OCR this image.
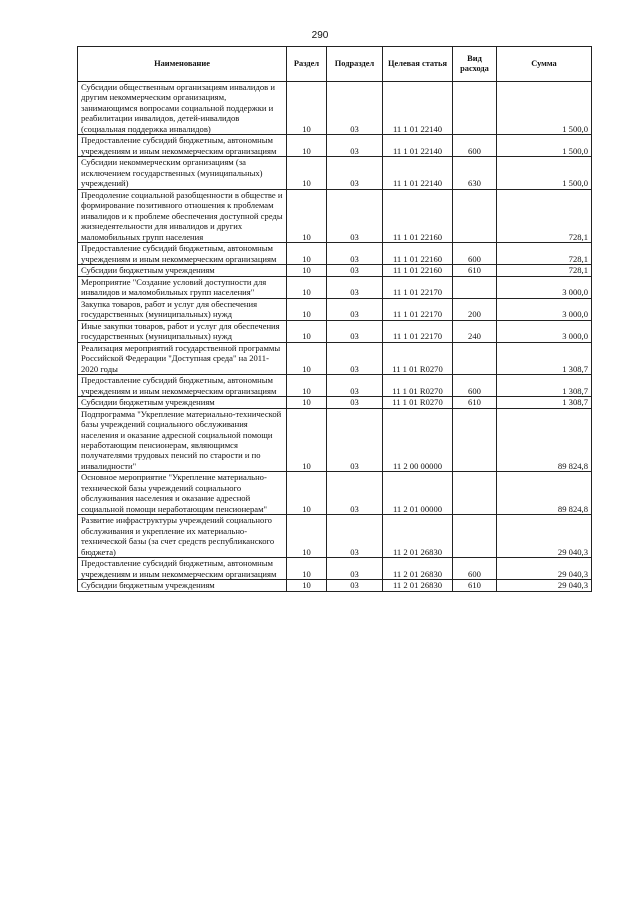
290
Наименование	Раздел	Подраздел	Целевая статья	Вид расхода	Сумма
Субсидии общественным организациям инвалидов и другим некоммерческим организациям, занимающимся вопросами социальной поддержки и реабилитации инвалидов, детей-инвалидов (социальная поддержка инвалидов)	10	03	11 1 01 22140		1 500,0
Предоставление субсидий бюджетным, автономным учреждениям и иным некоммерческим организациям	10	03	11 1 01 22140	600	1 500,0
Субсидии некоммерческим организациям (за исключением государственных (муниципальных) учреждений)	10	03	11 1 01 22140	630	1 500,0
Преодоление социальной разобщенности в обществе и формирование позитивного отношения к проблемам инвалидов и к проблеме обеспечения доступной среды жизнедеятельности для инвалидов и других маломобильных групп населения	10	03	11 1 01 22160		728,1
Предоставление субсидий бюджетным, автономным учреждениям и иным некоммерческим организациям	10	03	11 1 01 22160	600	728,1
Субсидии бюджетным учреждениям	10	03	11 1 01 22160	610	728,1
Мероприятие "Создание условий доступности для инвалидов и маломобильных групп населения"	10	03	11 1 01 22170		3 000,0
Закупка товаров, работ и услуг для обеспечения государственных (муниципальных) нужд	10	03	11 1 01 22170	200	3 000,0
Иные закупки товаров, работ и услуг для обеспечения государственных (муниципальных) нужд	10	03	11 1 01 22170	240	3 000,0
Реализация мероприятий государственной программы Российской Федерации "Доступная среда" на 2011-2020 годы	10	03	11 1 01 R0270		1 308,7
Предоставление субсидий бюджетным, автономным учреждениям и иным некоммерческим организациям	10	03	11 1 01 R0270	600	1 308,7
Субсидии бюджетным учреждениям	10	03	11 1 01 R0270	610	1 308,7
Подпрограмма "Укрепление материально-технической базы учреждений социального обслуживания населения и оказание адресной социальной помощи неработающим пенсионерам, являющимся получателями трудовых пенсий по старости и по инвалидности"	10	03	11 2 00 00000		89 824,8
Основное мероприятие "Укрепление материально-технической базы учреждений социального обслуживания населения и оказание адресной социальной помощи неработающим пенсионерам"	10	03	11 2 01 00000		89 824,8
Развитие инфраструктуры учреждений социального обслуживания и укрепление их материально-технической базы (за счет средств республиканского бюджета)	10	03	11 2 01 26830		29 040,3
Предоставление субсидий бюджетным, автономным учреждениям и иным некоммерческим организациям	10	03	11 2 01 26830	600	29 040,3
Субсидии бюджетным учреждениям	10	03	11 2 01 26830	610	29 040,3
